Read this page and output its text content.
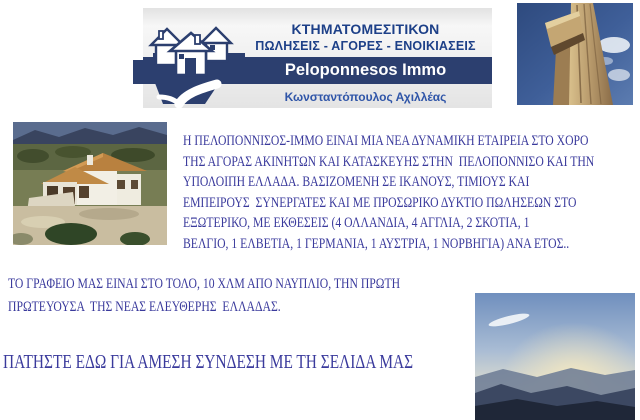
ΚΤΗΜΑΤΟΜΕΣΙΤΙΚΟΝ
ΠΩΛΗΣΕΙΣ - ΑΓΟΡΕΣ - ΕΝΟΙΚΙΑΣΕΙΣ
Peloponnesos Immo
Κωνσταντόπουλος Αχιλλέας
Η ΠΕΛΟΠΟΝΝΙΣΟΣ-ΙΜΜΟ ΕΙΝΑΙ ΜΙΑ ΝΕΑ ΔΥΝΑΜΙΚΗ ΕΤΑΙΡΕΙΑ ΣΤΟ ΧΟΡΟ
ΤΗΣ ΑΓΟΡΑΣ ΑΚΙΝΗΤΩΝ ΚΑΙ ΚΑΤΑΣΚΕΥΗΣ ΣΤΗΝ  ΠΕΛΟΠΟΝΝΙΣΟ ΚΑΙ ΤΗΝ
ΥΠΟΛΟΙΠΗ ΕΛΛΑΔΑ. ΒΑΣΙΖΟΜΕΝΗ ΣΕ ΙΚΑΝΟΥΣ, ΤΙΜΙΟΥΣ ΚΑΙ
ΕΜΠΕΙΡΟΥΣ  ΣΥΝΕΡΓΑΤΕΣ ΚΑΙ ΜΕ ΠΡΟΣΩΡΙΚΟ ΔΥΚΤΙΟ ΠΩΛΗΣΕΩΝ ΣΤΟ
ΕΞΩΤΕΡΙΚΟ, ΜΕ ΕΚΘΕΣΕΙΣ (4 ΟΛΛΑΝΔΙΑ, 4 ΑΓΓΛΙΑ, 2 ΣΚΟΤΙΑ, 1
ΒΕΛΓΙΟ, 1 ΕΛΒΕΤΙΑ, 1 ΓΕΡΜΑΝΙΑ, 1 ΑΥΣΤΡΙΑ, 1 ΝΟΡΒΗΓΙΑ) ΑΝΑ ΕΤΟΣ..
ΤΟ ΓΡΑΦΕΙΟ ΜΑΣ ΕΙΝΑΙ ΣΤΟ ΤΟΛΟ, 10 ΧΛΜ ΑΠΟ ΝΑΥΠΛΙΟ, ΤΗΝ ΠΡΩΤΗ
ΠΡΩΤΕΥΟΥΣΑ  ΤΗΣ ΝΕΑΣ ΕΛΕΥΘΕΡΗΣ  ΕΛΛΑΔΑΣ.
ΠΑΤΗΣΤΕ ΕΔΩ ΓΙΑ ΑΜΕΣΗ ΣΥΝΔΕΣΗ ΜΕ ΤΗ ΣΕΛΙΔΑ ΜΑΣ
